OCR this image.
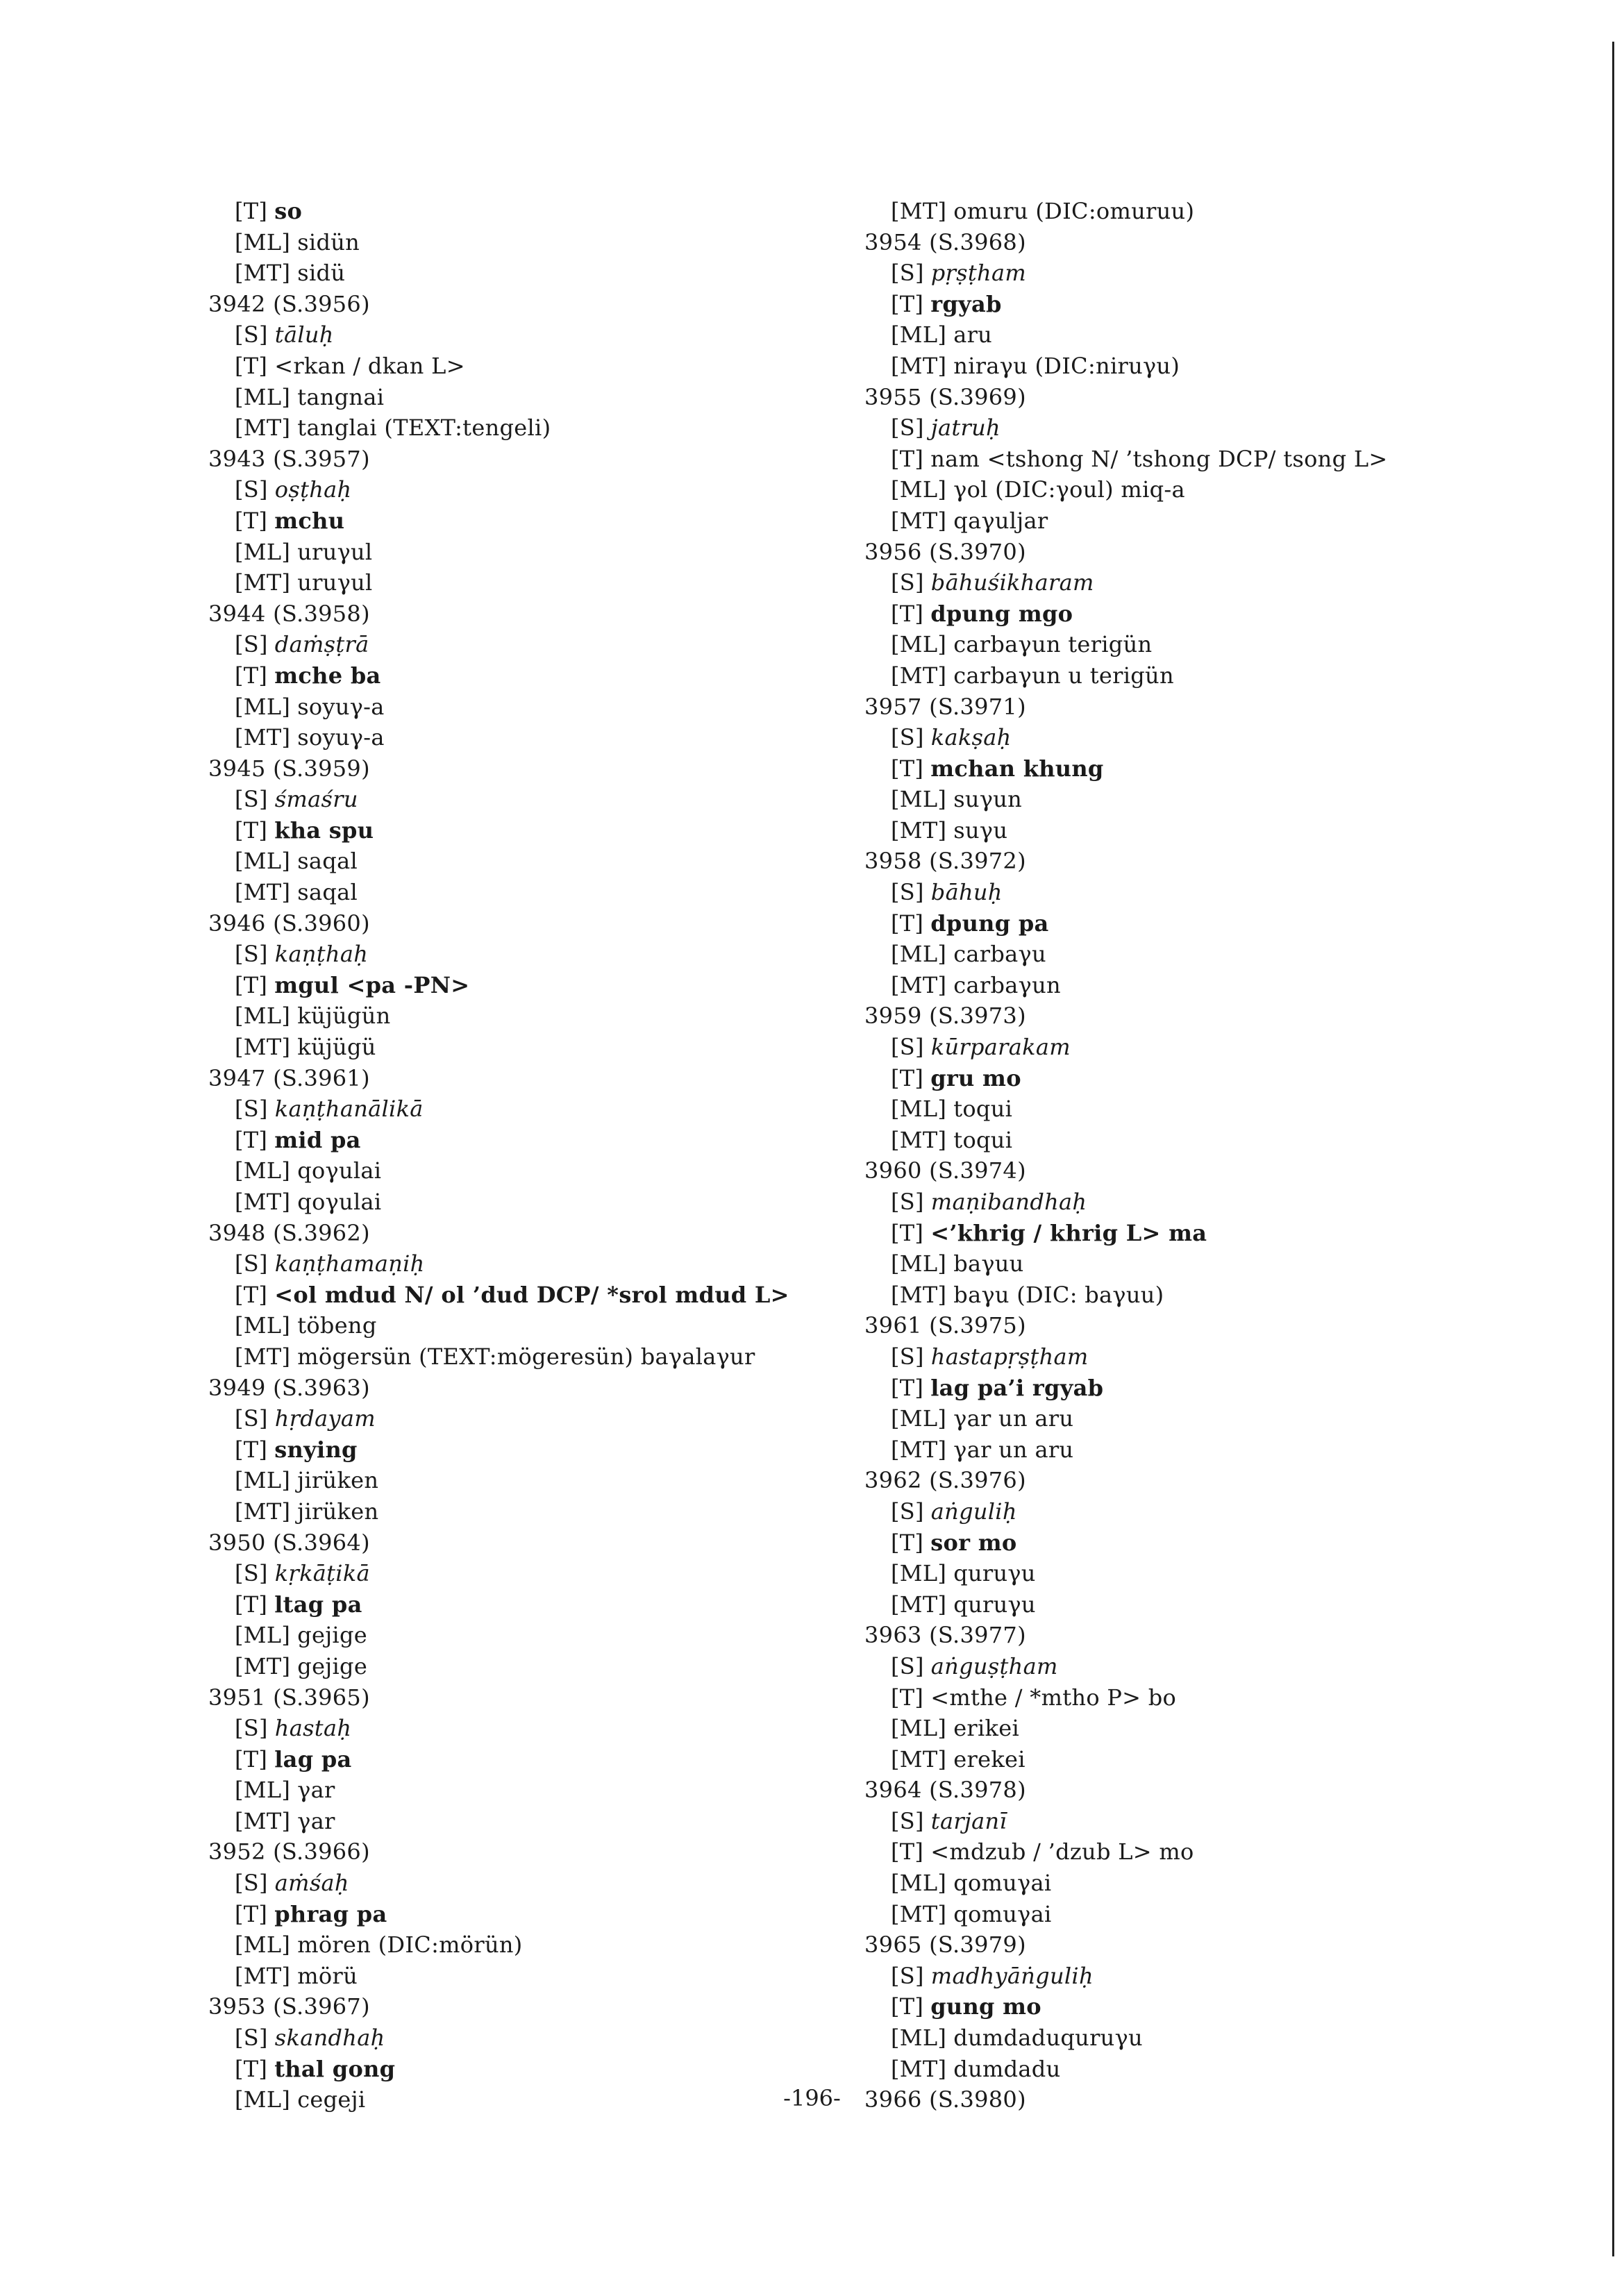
[T] so
[ML] sidün
[MT] sidü
3942 (S.3956)
[S] tāluḥ
[T] <rkan / dkan L>
[ML] tangnai
[MT] tanglai (TEXT:tengeli)
3943 (S.3957)
[S] oṣṭhaḥ
[T] mchu
[ML] uruγul
[MT] uruγul
3944 (S.3958)
[S] daṁṣṭrā
[T] mche ba
[ML] soyuγ-a
[MT] soyuγ-a
3945 (S.3959)
[S] śmaśru
[T] kha spu
[ML] saqal
[MT] saqal
3946 (S.3960)
[S] kaṇṭhaḥ
[T] mgul <pa -PN>
[ML] küjügün
[MT] küjügü
3947 (S.3961)
[S] kaṇṭhanālikā
[T] mid pa
[ML] qoγulai
[MT] qoγulai
3948 (S.3962)
[S] kaṇṭhamaṇiḥ
[T] <ol mdud N/ ol ’dud DCP/ *srol mdud L>
[ML] töbeng
[MT] mögersün (TEXT:mögeresün) baγalaγur
3949 (S.3963)
[S] hṛdayam
[T] snying
[ML] jirüken
[MT] jirüken
3950 (S.3964)
[S] kṛkāṭikā
[T] ltag pa
[ML] gejige
[MT] gejige
3951 (S.3965)
[S] hastaḥ
[T] lag pa
[ML] γar
[MT] γar
3952 (S.3966)
[S] aṁśaḥ
[T] phrag pa
[ML] mören (DIC:mörün)
[MT] mörü
3953 (S.3967)
[S] skandhaḥ
[T] thal gong
[ML] cegeji
[MT] omuru (DIC:omuruu)
3954 (S.3968)
[S] pṛṣṭham
[T] rgyab
[ML] aru
[MT] niraγu (DIC:niruγu)
3955 (S.3969)
[S] jatruḥ
[T] nam <tshong N/ ’tshong DCP/ tsong L>
[ML] γol (DIC:γoul) miq-a
[MT] qaγuljar
3956 (S.3970)
[S] bāhuśikharam
[T] dpung mgo
[ML] carbaγun terigün
[MT] carbaγun u terigün
3957 (S.3971)
[S] kakṣaḥ
[T] mchan khung
[ML] suγun
[MT] suγu
3958 (S.3972)
[S] bāhuḥ
[T] dpung pa
[ML] carbaγu
[MT] carbaγun
3959 (S.3973)
[S] kūrparakam
[T] gru mo
[ML] toqui
[MT] toqui
3960 (S.3974)
[S] maṇibandhaḥ
[T] <’khrig / khrig L> ma
[ML] baγuu
[MT] baγu (DIC: baγuu)
3961 (S.3975)
[S] hastapṛṣṭham
[T] lag pa’i rgyab
[ML] γar un aru
[MT] γar un aru
3962 (S.3976)
[S] aṅguliḥ
[T] sor mo
[ML] quruγu
[MT] quruγu
3963 (S.3977)
[S] aṅguṣṭham
[T] <mthe / *mtho P> bo
[ML] erikei
[MT] erekei
3964 (S.3978)
[S] tarjanī
[T] <mdzub / ’dzub L> mo
[ML] qomuγai
[MT] qomuγai
3965 (S.3979)
[S] madhyāṅguliḥ
[T] gung mo
[ML] dumdaduquruγu
[MT] dumdadu
3966 (S.3980)
-196-
